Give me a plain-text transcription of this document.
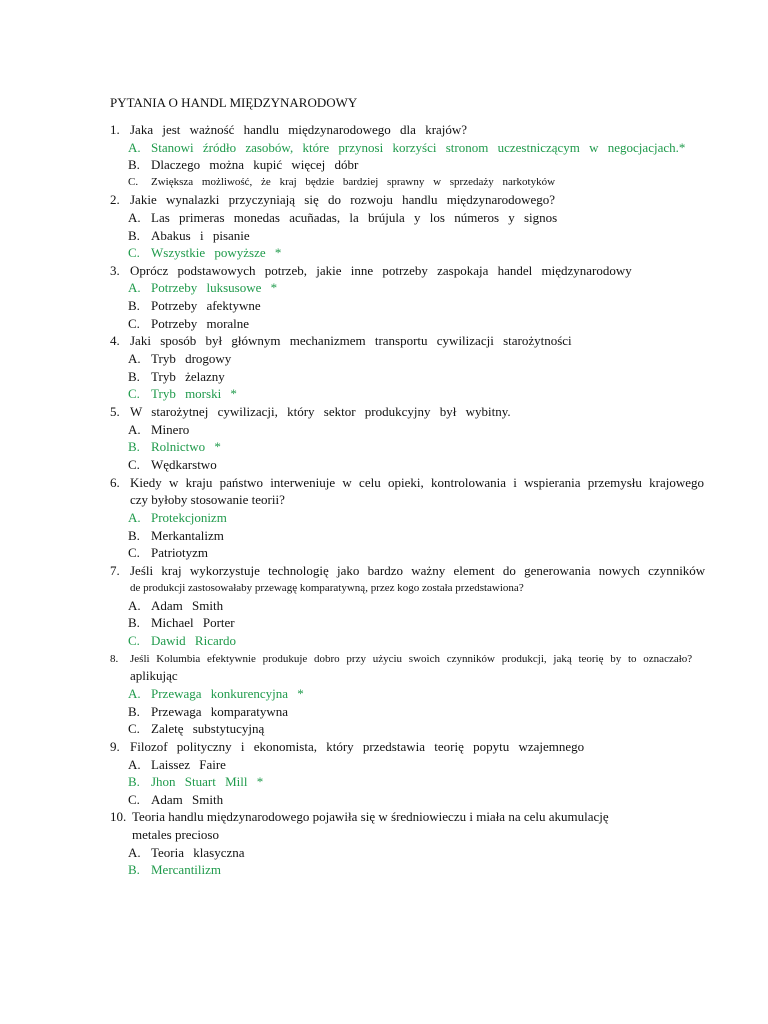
PYTANIA O HANDL MIĘDZYNARODOWY
1. Jaka jest ważność handlu międzynarodowego dla krajów?
A. Stanowi źródło zasobów, które przynosi korzyści stronom uczestniczącym w negocjacjach.*
B. Dlaczego można kupić więcej dóbr
C.	Zwiększa możliwość, że kraj będzie bardziej sprawny w sprzedaży narkotyków
2. Jakie wynalazki przyczyniają się do rozwoju handlu międzynarodowego?
A. Las primeras monedas acuñadas, la brújula y los números y signos
B. Abakus i pisanie
C. Wszystkie powyższe *
3. Oprócz podstawowych potrzeb, jakie inne potrzeby zaspokaja handel międzynarodowy
A. Potrzeby luksusowe *
B. Potrzeby afektywne
C. Potrzeby moralne
4. Jaki sposób był głównym mechanizmem transportu cywilizacji starożytności
A. Tryb drogowy
B. Tryb żelazny
C. Tryb morski *
5. W starożytnej cywilizacji, który sektor produkcyjny był wybitny.
A. Minero
B. Rolnictwo *
C. Wędkarstwo
6. Kiedy w kraju państwo interweniuje w celu opieki, kontrolowania i wspierania przemysłu krajowego
czy byłoby stosowanie teorii?
A. Protekcjonizm
B. Merkantalizm
C. Patriotyzm
7. Jeśli kraj wykorzystuje technologię jako bardzo ważny element do generowania nowych czynników
de produkcji zastosowałaby przewagę komparatywną, przez kogo została przedstawiona?
A. Adam Smith
B. Michael Porter
C. Dawid Ricardo
8.	Jeśli Kolumbia efektywnie produkuje dobro przy użyciu swoich czynników produkcji, jaką teorię by to oznaczało?
aplikując
A. Przewaga konkurencyjna *
B. Przewaga komparatywna
C. Zaletę substytucyjną
9. Filozof polityczny i ekonomista, który przedstawia teorię popytu wzajemnego
A. Laissez Faire
B. Jhon Stuart Mill *
C. Adam Smith
10. Teoria handlu międzynarodowego pojawiła się w średniowieczu i miała na celu akumulację
metales precioso
A. Teoria klasyczna
B. Mercantilizm
